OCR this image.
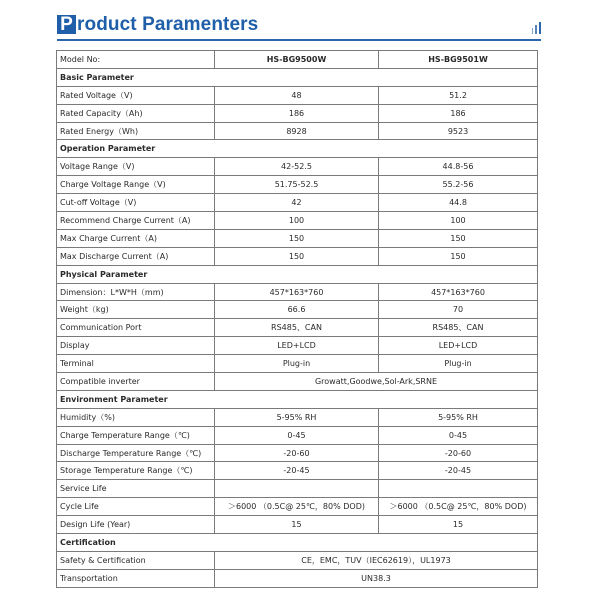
P roduct Paramenters
Model No:	HS-BG9500W	HS-BG9501W
Basic Parameter		
Rated Voltage（V)	48	51.2
Rated Capacity（Ah)	186	186
Rated Energy（Wh)	8928	9523
Operation Parameter		
Voltage Range（V)	42-52.5	44.8-56
Charge Voltage Range（V)	51.75-52.5	55.2-56
Cut-off Voltage（V)	42	44.8
Recommend Charge Current（A)	100	100
Max Charge Current（A)	150	150
Max Discharge Current（A)	150	150
Physical Parameter		
Dimension：L*W*H（mm)	457*163*760	457*163*760
Weight（kg)	66.6	70
Communication Port	RS485、CAN	RS485、CAN
Display	LED+LCD	LED+LCD
Terminal	Plug-in	Plug-in
Compatible inverter	Growatt,Goodwe,Sol-Ark,SRNE	
Environment Parameter		
Humidity（%)	5-95% RH	5-95% RH
Charge Temperature Range（℃)	0-45	0-45
Discharge Temperature Range（℃)	-20-60	-20-60
Storage Temperature Range（℃)	-20-45	-20-45
Service Life		
Cycle Life	＞6000 （0.5C@ 25℃，80% DOD)	＞6000 （0.5C@ 25℃，80% DOD)
Design Life (Year)	15	15
Certification		
Safety & Certification	CE，EMC，TUV（IEC62619），UL1973	
Transportation	UN38.3	
